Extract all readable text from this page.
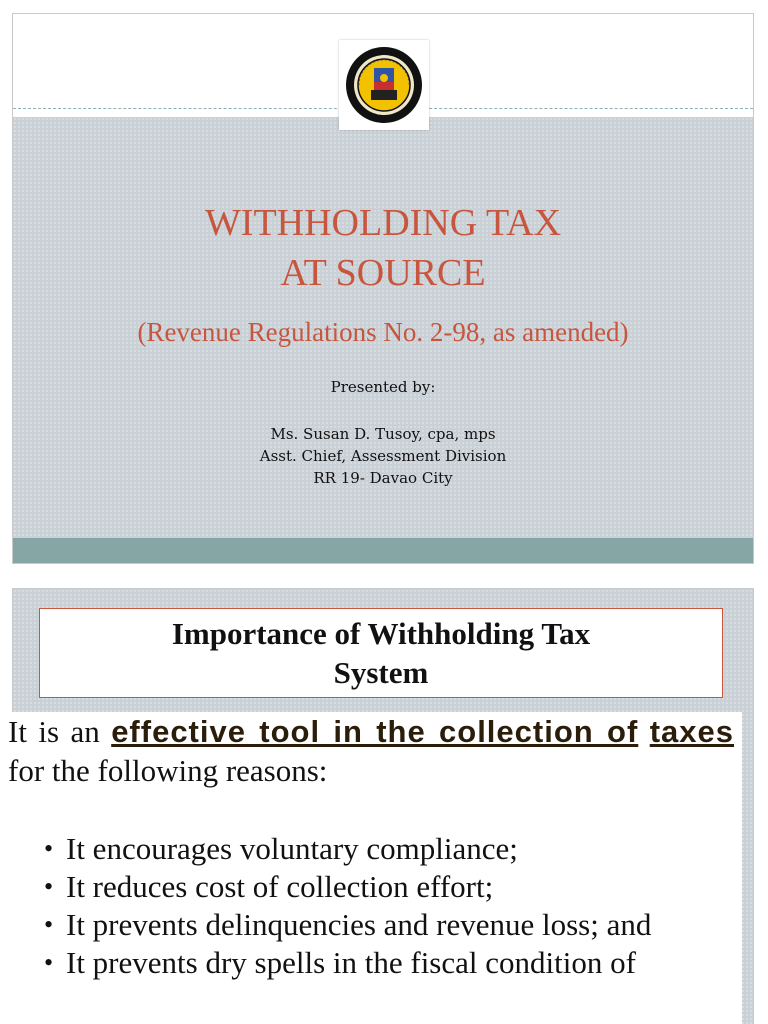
WITHHOLDING TAX
AT SOURCE

(Revenue Regulations No. 2-98, as amended)

Presented by:

Ms. Susan D. Tusoy, cpa, mps

Asst. Chief, Assessment Division

RR 19- Davao City

Importance of Withholding Tax
System

It is an effective tool in the collection of taxes for the following reasons:

• It encourages voluntary compliance;
• It reduces cost of collection effort;
• It prevents delinquencies and revenue loss; and
• It prevents dry spells in the fiscal condition of
